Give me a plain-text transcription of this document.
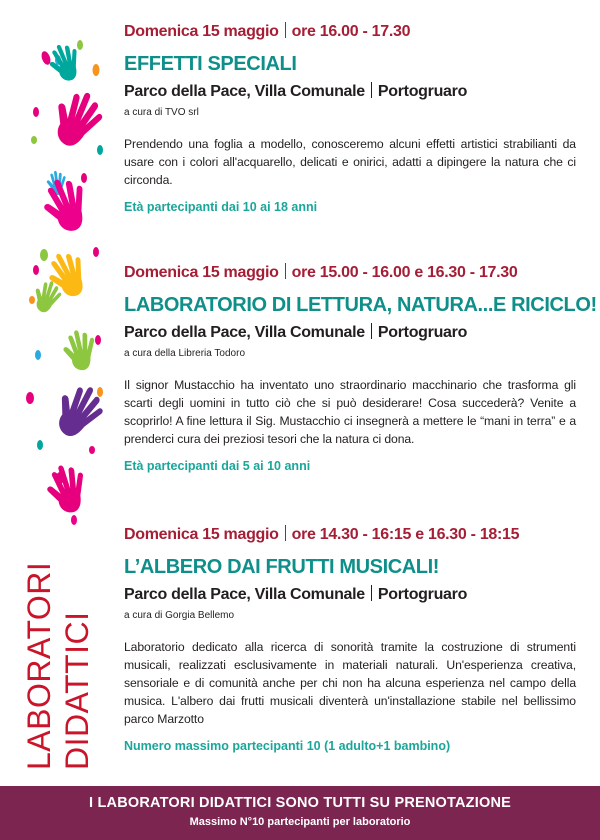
LABORATORI DIDATTICI
Domenica 15 maggio ore 16.00 - 17.30
EFFETTI SPECIALI
Parco della Pace, Villa Comunale Portogruaro
a cura di TVO srl

Prendendo una foglia a modello, conosceremo alcuni effetti artistici strabilianti da usare con i colori all'acquarello, delicati e onirici, adatti a dipingere la natura che ci circonda.

Età partecipanti dai 10 ai 18 anni
Domenica 15 maggio ore 15.00 - 16.00 e 16.30 - 17.30
LABORATORIO DI LETTURA, NATURA...E RICICLO!
Parco della Pace, Villa Comunale Portogruaro
a cura della Libreria Todoro

Il signor Mustacchio ha inventato uno straordinario macchinario che trasforma gli scarti degli uomini in tutto ciò che si può desiderare! Cosa succederà? Venite a scoprirlo! A fine lettura il Sig. Mustacchio ci insegnerà a mettere le “mani in terra” e a prenderci cura dei preziosi tesori che la natura ci dona.

Età partecipanti dai 5 ai 10 anni
Domenica 15 maggio ore 14.30 - 16:15 e 16.30 - 18:15
L’ALBERO DAI FRUTTI MUSICALI!
Parco della Pace, Villa Comunale Portogruaro
a cura di Gorgia Bellemo

Laboratorio dedicato alla ricerca di sonorità tramite la costruzione di strumenti musicali, realizzati esclusivamente in materiali naturali. Un'esperienza creativa, sensoriale e di comunità anche per chi non ha alcuna esperienza nel campo della musica. L'albero dai frutti musicali diventerà un'installazione stabile nel bellissimo parco Marzotto

Numero massimo partecipanti 10 (1 adulto+1 bambino)
I LABORATORI DIDATTICI SONO TUTTI SU PRENOTAZIONE
Massimo N°10 partecipanti per laboratorio
